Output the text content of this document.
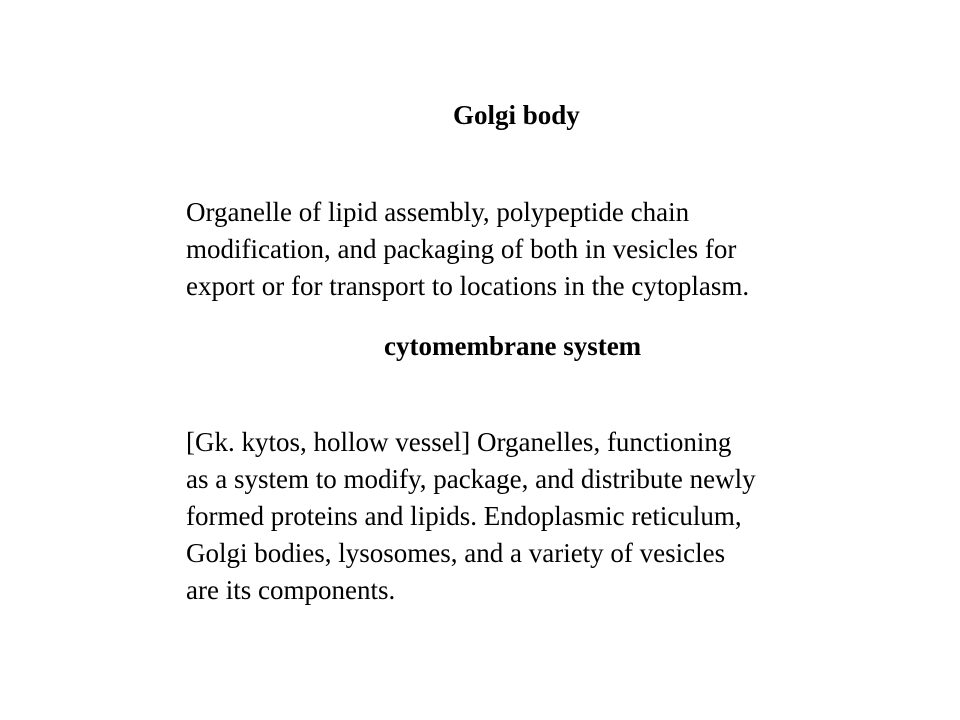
Golgi body

Organelle of lipid assembly, polypeptide chain
modification, and packaging of both in vesicles for
export or for transport to locations in the cytoplasm.

cytomembrane system

[Gk. kytos, hollow vessel] Organelles, functioning
as a system to modify, package, and distribute newly
formed proteins and lipids. Endoplasmic reticulum,
Golgi bodies, lysosomes, and a variety of vesicles
are its components.
